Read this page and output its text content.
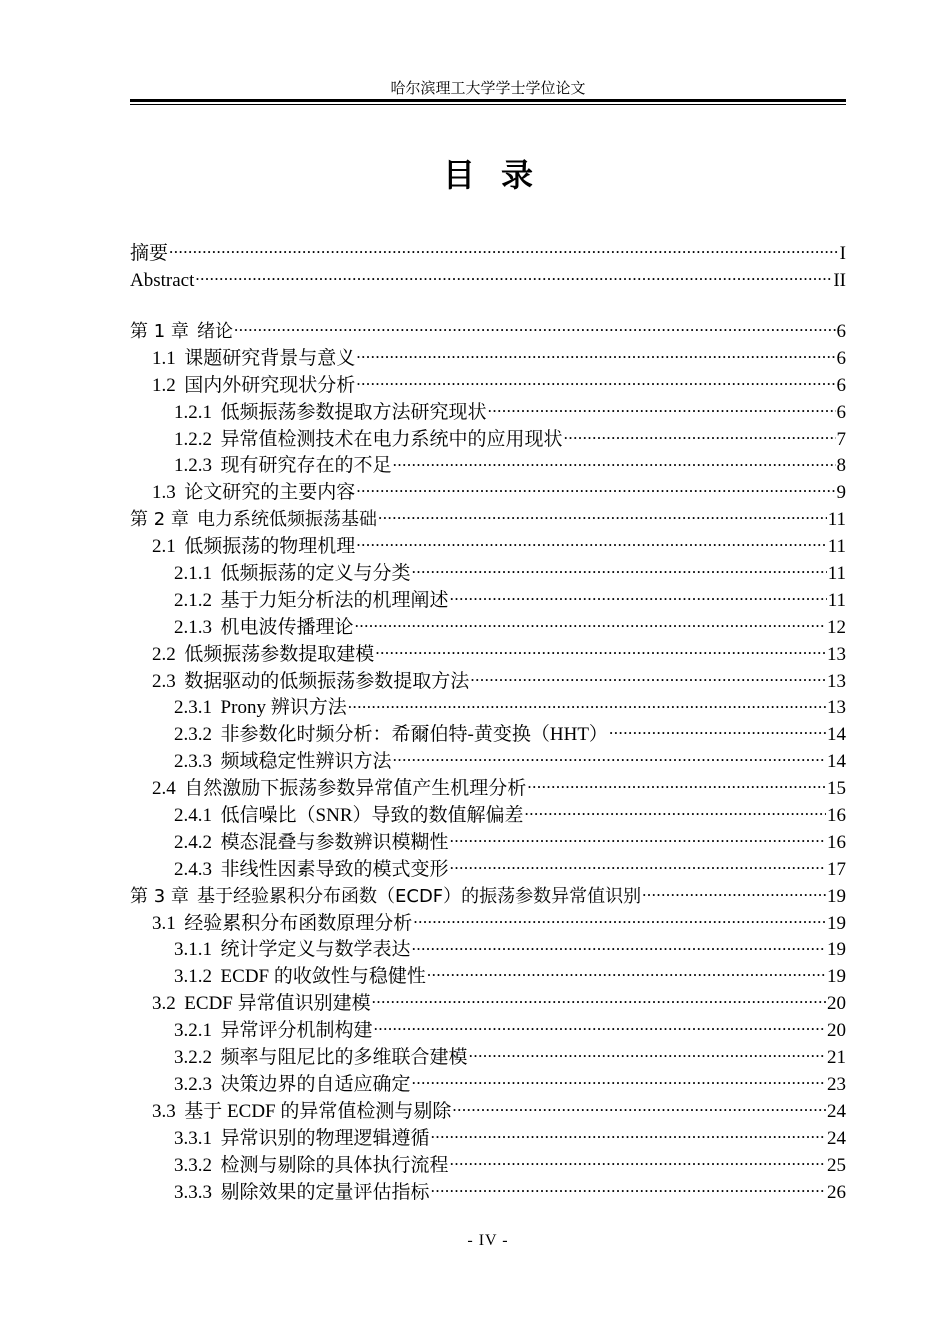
哈尔滨理工大学学士学位论文
目录
摘要 .....	I
Abstract .....	II
第 1 章 绪论 .....	6
1.1 课题研究背景与意义 .....	6
1.2 国内外研究现状分析 .....	6
1.2.1 低频振荡参数提取方法研究现状 .....	6
1.2.2 异常值检测技术在电力系统中的应用现状 .....	7
1.2.3 现有研究存在的不足 .....	8
1.3 论文研究的主要内容 .....	9
第 2 章 电力系统低频振荡基础 .....	11
2.1 低频振荡的物理机理 .....	11
2.1.1 低频振荡的定义与分类 .....	11
2.1.2 基于力矩分析法的机理阐述 .....	11
2.1.3 机电波传播理论 .....	12
2.2 低频振荡参数提取建模 .....	13
2.3 数据驱动的低频振荡参数提取方法 .....	13
2.3.1 Prony 辨识方法 .....	13
2.3.2 非参数化时频分析：希爾伯特-黄变换（HHT） .....	14
2.3.3 频域稳定性辨识方法 .....	14
2.4 自然激励下振荡参数异常值产生机理分析 .....	15
2.4.1 低信噪比（SNR）导致的数值解偏差 .....	16
2.4.2 模态混叠与参数辨识模糊性 .....	16
2.4.3 非线性因素导致的模式变形 .....	17
第 3 章 基于经验累积分布函数（ECDF）的振荡参数异常值识别 .....	19
3.1 经验累积分布函数原理分析 .....	19
3.1.1 统计学定义与数学表达 .....	19
3.1.2 ECDF 的收敛性与稳健性 .....	19
3.2 ECDF 异常值识别建模 .....	20
3.2.1 异常评分机制构建 .....	20
3.2.2 频率与阻尼比的多维联合建模 .....	21
3.2.3 决策边界的自适应确定 .....	23
3.3 基于 ECDF 的异常值检测与剔除 .....	24
3.3.1 异常识别的物理逻辑遵循 .....	24
3.3.2 检测与剔除的具体执行流程 .....	25
3.3.3 剔除效果的定量评估指标 .....	26
- IV -
